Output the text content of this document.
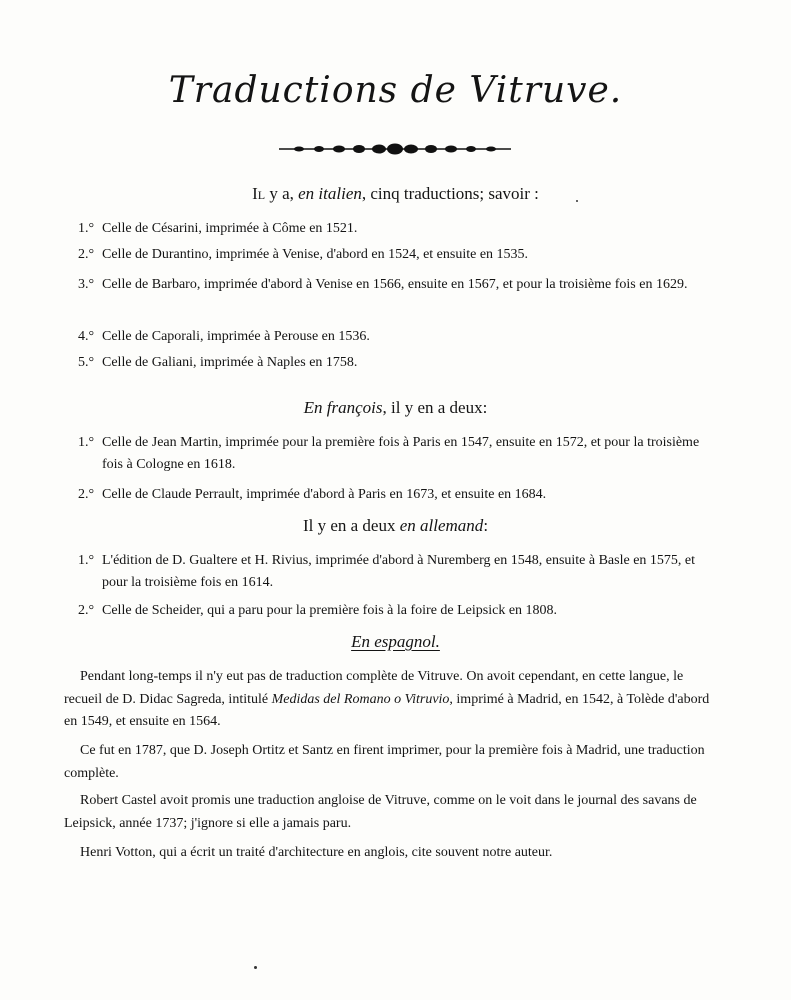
Traductions de Vitruve.
Il y a, en italien, cinq traductions; savoir :
1.° Celle de Césarini, imprimée à Côme en 1521.
2.° Celle de Durantino, imprimée à Venise, d'abord en 1524, et ensuite en 1535.
3.° Celle de Barbaro, imprimée d'abord à Venise en 1566, ensuite en 1567, et pour la troisième fois en 1629.
4.° Celle de Caporali, imprimée à Perouse en 1536.
5.° Celle de Galiani, imprimée à Naples en 1758.
En françois, il y en a deux:
1.° Celle de Jean Martin, imprimée pour la première fois à Paris en 1547, ensuite en 1572, et pour la troisième fois à Cologne en 1618.
2.° Celle de Claude Perrault, imprimée d'abord à Paris en 1673, et ensuite en 1684.
Il y en a deux en allemand:
1.° L'édition de D. Gualtere et H. Rivius, imprimée d'abord à Nuremberg en 1548, ensuite à Basle en 1575, et pour la troisième fois en 1614.
2.° Celle de Scheider, qui a paru pour la première fois à la foire de Leipsick en 1808.
En espagnol.
Pendant long-temps il n'y eut pas de traduction complète de Vitruve. On avoit cependant, en cette langue, le recueil de D. Didac Sagreda, intitulé Medidas del Romano o Vitruvio, imprimé à Madrid, en 1542, à Tolède d'abord en 1549, et ensuite en 1564.
Ce fut en 1787, que D. Joseph Ortitz et Santz en firent imprimer, pour la première fois à Madrid, une traduction complète.
Robert Castel avoit promis une traduction angloise de Vitruve, comme on le voit dans le journal des savans de Leipsick, année 1737; j'ignore si elle a jamais paru.
Henri Votton, qui a écrit un traité d'architecture en anglois, cite souvent notre auteur.
